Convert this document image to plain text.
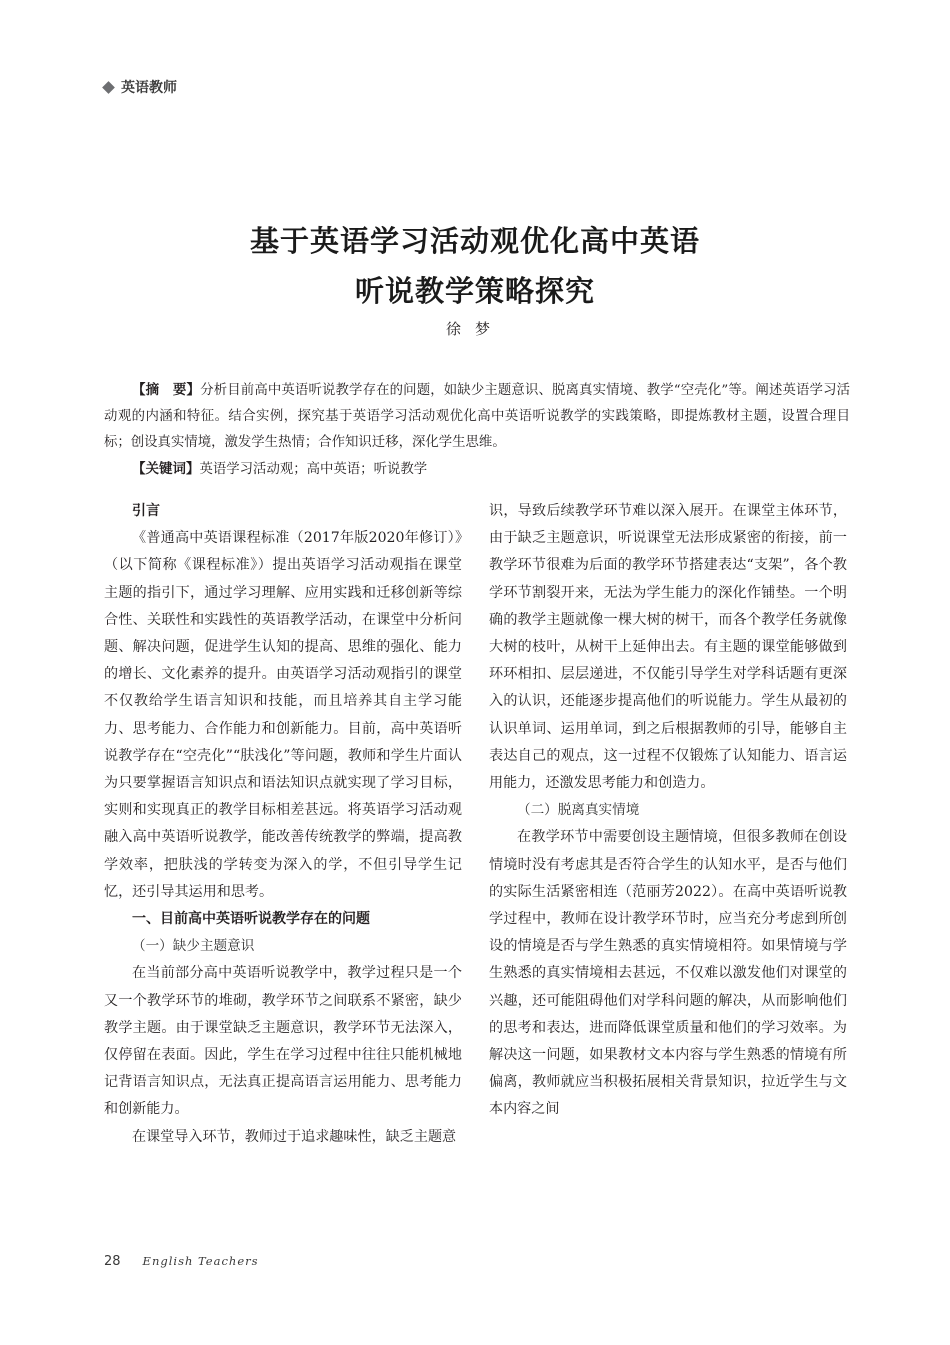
英语教师
基于英语学习活动观优化高中英语
听说教学策略探究
徐梦

【摘　要】分析目前高中英语听说教学存在的问题，如缺少主题意识、脱离真实情境、教学“空壳化”等。阐述英语学习活动观的内涵和特征。结合实例，探究基于英语学习活动观优化高中英语听说教学的实践策略，即提炼教材主题，设置合理目标；创设真实情境，激发学生热情；合作知识迁移，深化学生思维。

【关键词】英语学习活动观；高中英语；听说教学

引言

《普通高中英语课程标准（2017年版2020年修订）》（以下简称《课程标准》）提出英语学习活动观指在课堂主题的指引下，通过学习理解、应用实践和迁移创新等综合性、关联性和实践性的英语教学活动，在课堂中分析问题、解决问题，促进学生认知的提高、思维的强化、能力的增长、文化素养的提升。由英语学习活动观指引的课堂不仅教给学生语言知识和技能，而且培养其自主学习能力、思考能力、合作能力和创新能力。目前，高中英语听说教学存在“空壳化”“肤浅化”等问题，教师和学生片面认为只要掌握语言知识点和语法知识点就实现了学习目标，实则和实现真正的教学目标相差甚远。将英语学习活动观融入高中英语听说教学，能改善传统教学的弊端，提高教学效率，把肤浅的学转变为深入的学，不但引导学生记忆，还引导其运用和思考。

一、目前高中英语听说教学存在的问题

（一）缺少主题意识

在当前部分高中英语听说教学中，教学过程只是一个又一个教学环节的堆砌，教学环节之间联系不紧密，缺少教学主题。由于课堂缺乏主题意识，教学环节无法深入，仅停留在表面。因此，学生在学习过程中往往只能机械地记背语言知识点，无法真正提高语言运用能力、思考能力和创新能力。

在课堂导入环节，教师过于追求趣味性，缺乏主题意

识，导致后续教学环节难以深入展开。在课堂主体环节，由于缺乏主题意识，听说课堂无法形成紧密的衔接，前一教学环节很难为后面的教学环节搭建表达“支架”，各个教学环节割裂开来，无法为学生能力的深化作铺垫。一个明确的教学主题就像一棵大树的树干，而各个教学任务就像大树的枝叶，从树干上延伸出去。有主题的课堂能够做到环环相扣、层层递进，不仅能引导学生对学科话题有更深入的认识，还能逐步提高他们的听说能力。学生从最初的认识单词、运用单词，到之后根据教师的引导，能够自主表达自己的观点，这一过程不仅锻炼了认知能力、语言运用能力，还激发思考能力和创造力。

（二）脱离真实情境

在教学环节中需要创设主题情境，但很多教师在创设情境时没有考虑其是否符合学生的认知水平，是否与他们的实际生活紧密相连（范丽芳2022）。在高中英语听说教学过程中，教师在设计教学环节时，应当充分考虑到所创设的情境是否与学生熟悉的真实情境相符。如果情境与学生熟悉的真实情境相去甚远，不仅难以激发他们对课堂的兴趣，还可能阻碍他们对学科问题的解决，从而影响他们的思考和表达，进而降低课堂质量和他们的学习效率。为解决这一问题，如果教材文本内容与学生熟悉的情境有所偏离，教师就应当积极拓展相关背景知识，拉近学生与文本内容之间

28 English Teachers
